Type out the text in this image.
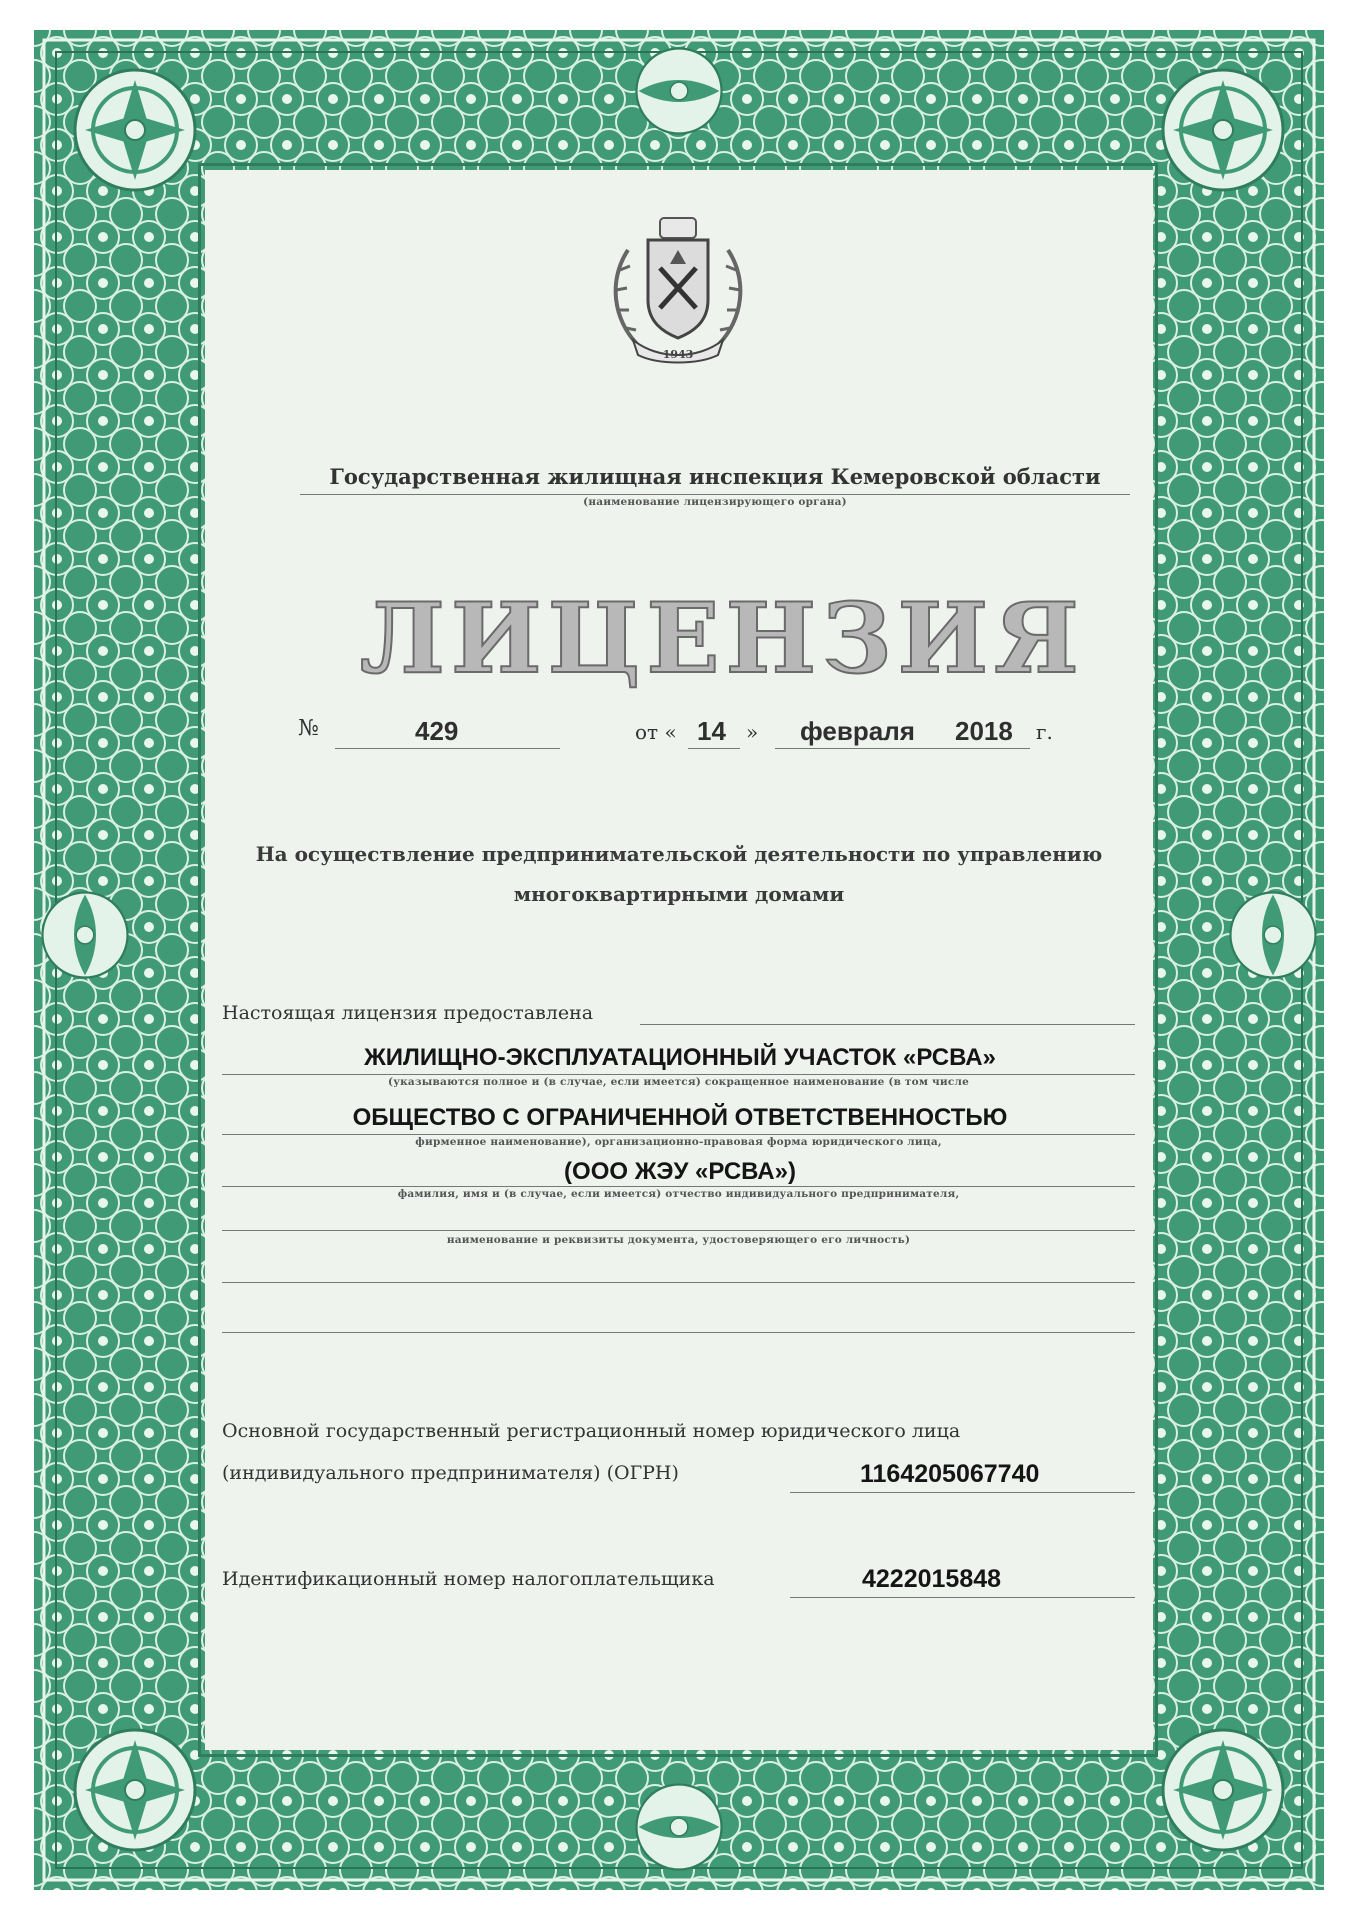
1943
Государственная жилищная инспекция Кемеровской области
(наименование лицензирующего органа)
ЛИЦЕНЗИЯ
№	429	от « 14 » февраля 2018 г.
На осуществление предпринимательской деятельности по управлению
многоквартирными домами
Настоящая лицензия предоставлена
ЖИЛИЩНО-ЭКСПЛУАТАЦИОННЫЙ УЧАСТОК «РСВА»
(указываются полное и (в случае, если имеется) сокращенное наименование (в том числе
ОБЩЕСТВО С ОГРАНИЧЕННОЙ ОТВЕТСТВЕННОСТЬЮ
фирменное наименование), организационно-правовая форма юридического лица,
(ООО ЖЭУ «РСВА»)
фамилия, имя и (в случае, если имеется) отчество индивидуального предпринимателя,
наименование и реквизиты документа, удостоверяющего его личность)
Основной государственный регистрационный номер юридического лица
(индивидуального предпринимателя) (ОГРН)	1164205067740
Идентификационный номер налогоплательщика	4222015848
